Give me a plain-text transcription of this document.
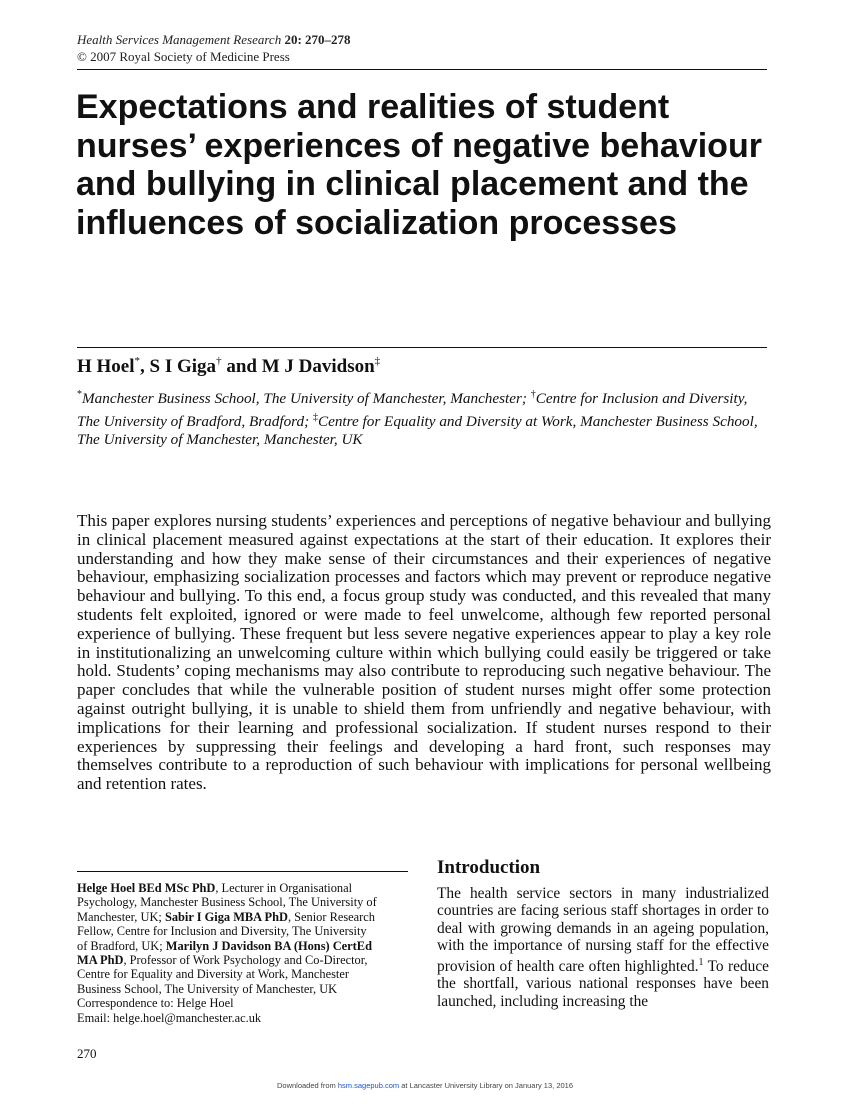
Health Services Management Research 20: 270–278
© 2007 Royal Society of Medicine Press
Expectations and realities of student nurses’ experiences of negative behaviour and bullying in clinical placement and the influences of socialization processes
H Hoel*, S I Giga† and M J Davidson‡
*Manchester Business School, The University of Manchester, Manchester; †Centre for Inclusion and Diversity, The University of Bradford, Bradford; ‡Centre for Equality and Diversity at Work, Manchester Business School, The University of Manchester, Manchester, UK

This paper explores nursing students’ experiences and perceptions of negative behaviour and bullying in clinical placement measured against expectations at the start of their education. It explores their understanding and how they make sense of their circumstances and their experiences of negative behaviour, emphasizing socialization processes and factors which may prevent or reproduce negative behaviour and bullying. To this end, a focus group study was conducted, and this revealed that many students felt exploited, ignored or were made to feel unwelcome, although few reported personal experience of bullying. These frequent but less severe negative experiences appear to play a key role in institutionalizing an unwelcoming culture within which bullying could easily be triggered or take hold. Students’ coping mechanisms may also contribute to reproducing such negative behaviour. The paper concludes that while the vulnerable position of student nurses might offer some protection against outright bullying, it is unable to shield them from unfriendly and negative behaviour, with implications for their learning and professional socialization. If student nurses respond to their experiences by suppressing their feelings and developing a hard front, such responses may themselves contribute to a reproduction of such behaviour with implications for personal wellbeing and retention rates.

Helge Hoel BEd MSc PhD, Lecturer in Organisational
Psychology, Manchester Business School, The University of
Manchester, UK; Sabir I Giga MBA PhD, Senior Research
Fellow, Centre for Inclusion and Diversity, The University
of Bradford, UK; Marilyn J Davidson BA (Hons) CertEd
MA PhD, Professor of Work Psychology and Co-Director,
Centre for Equality and Diversity at Work, Manchester
Business School, The University of Manchester, UK
Correspondence to: Helge Hoel
Email: helge.hoel@manchester.ac.uk
Introduction

The health service sectors in many industrialized countries are facing serious staff shortages in order to deal with growing demands in an ageing population, with the importance of nursing staff for the effective provision of health care often highlighted.$^1$ To reduce the shortfall, various national responses have been launched, including increasing the

270
Downloaded from hsm.sagepub.com at Lancaster University Library on January 13, 2016
